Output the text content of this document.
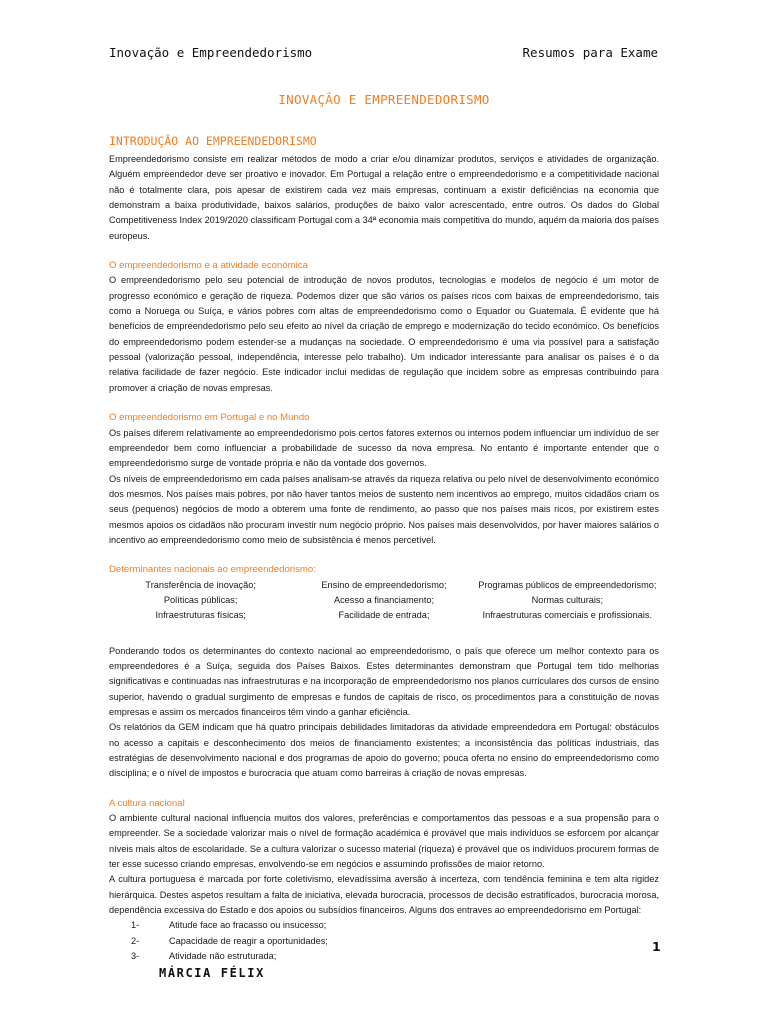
Inovação e Empreendedorismo	Resumos para Exame
INOVAÇÃO E EMPREENDEDORISMO
INTRODUÇÃO AO EMPREENDEDORISMO

Empreendedorismo consiste em realizar métodos de modo a criar e/ou dinamizar produtos, serviços e atividades de organização. Alguém empreendedor deve ser proativo e inovador. Em Portugal a relação entre o empreendedorismo e a competitividade nacional não é totalmente clara, pois apesar de existirem cada vez mais empresas, continuam a existir deficiências na economia que demonstram a baixa produtividade, baixos salários, produções de baixo valor acrescentado, entre outros. Os dados do Global Competitiveness Index 2019/2020 classificam Portugal com a 34ª economia mais competitiva do mundo, aquém da maioria dos países europeus.

O empreendedorismo e a atividade económica

O empreendedorismo pelo seu potencial de introdução de novos produtos, tecnologias e modelos de negócio é um motor de progresso económico e geração de riqueza. Podemos dizer que são vários os países ricos com baixas de empreendedorismo, tais como a Noruega ou Suíça, e vários pobres com altas de empreendedorismo como o Equador ou Guatemala. É evidente que há benefícios de empreendedorismo pelo seu efeito ao nível da criação de emprego e modernização do tecido económico. Os benefícios do empreendedorismo podem estender-se a mudanças na sociedade. O empreendedorismo é uma via possível para a satisfação pessoal (valorização pessoal, independência, interesse pelo trabalho). Um indicador interessante para analisar os países é o da relativa facilidade de fazer negócio. Este indicador inclui medidas de regulação que incidem sobre as empresas contribuindo para promover a criação de novas empresas.

O empreendedorismo em Portugal e no Mundo

Os países diferem relativamente ao empreendedorismo pois certos fatores externos ou internos podem influenciar um indivíduo de ser empreendedor bem como influenciar a probabilidade de sucesso da nova empresa. No entanto é importante entender que o empreendedorismo surge de vontade própria e não da vontade dos governos.

Os níveis de empreendedorismo em cada países analisam-se através da riqueza relativa ou pelo nível de desenvolvimento económico dos mesmos. Nos países mais pobres, por não haver tantos meios de sustento nem incentivos ao emprego, muitos cidadãos criam os seus (pequenos) negócios de modo a obterem uma fonte de rendimento, ao passo que nos países mais ricos, por existirem estes mesmos apoios os cidadãos não procuram investir num negócio próprio. Nos países mais desenvolvidos, por haver maiores salários o incentivo ao empreendedorismo como meio de subsistência é menos percetível.

Determinantes nacionais ao empreendedorismo:
Transferência de inovação;	Ensino de empreendedorismo;	Programas públicos de empreendedorismo;
Políticas públicas;	Acesso a financiamento;	Normas culturais;
Infraestruturas físicas;	Facilidade de entrada;	Infraestruturas comerciais e profissionais.

Ponderando todos os determinantes do contexto nacional ao empreendedorismo, o país que oferece um melhor contexto para os empreendedores é a Suíça, seguida dos Países Baixos. Estes determinantes demonstram que Portugal tem tido melhorias significativas e continuadas nas infraestruturas e na incorporação de empreendedorismo nos planos curriculares dos cursos de ensino superior, havendo o gradual surgimento de empresas e fundos de capitais de risco, os procedimentos para a constituição de novas empresas e assim os mercados financeiros têm vindo a ganhar eficiência.

Os relatórios da GEM indicam que há quatro principais debilidades limitadoras da atividade empreendedora em Portugal: obstáculos no acesso a capitais e desconhecimento dos meios de financiamento existentes; a inconsistência das políticas industriais, das estratégias de desenvolvimento nacional e dos programas de apoio do governo; pouca oferta no ensino do empreendedorismo como disciplina; e o nível de impostos e burocracia que atuam como barreiras à criação de novas empresas.

A cultura nacional

O ambiente cultural nacional influencia muitos dos valores, preferências e comportamentos das pessoas e a sua propensão para o empreender. Se a sociedade valorizar mais o nível de formação académica é provável que mais indivíduos se esforcem por alcançar níveis mais altos de escolaridade. Se a cultura valorizar o sucesso material (riqueza) é provável que os indivíduos procurem formas de ter esse sucesso criando empresas, envolvendo-se em negócios e assumindo profissões de maior retorno.

A cultura portuguesa é marcada por forte coletivismo, elevadíssima aversão à incerteza, com tendência feminina e tem alta rigidez hierárquica. Destes aspetos resultam a falta de iniciativa, elevada burocracia, processos de decisão estratificados, burocracia morosa, dependência excessiva do Estado e dos apoios ou subsídios financeiros. Alguns dos entraves ao empreendedorismo em Portugal:

1-	Atitude face ao fracasso ou insucesso;
2-	Capacidade de reagir a oportunidades;
3-	Atividade não estruturada;
1
MÁRCIA FÉLIX
